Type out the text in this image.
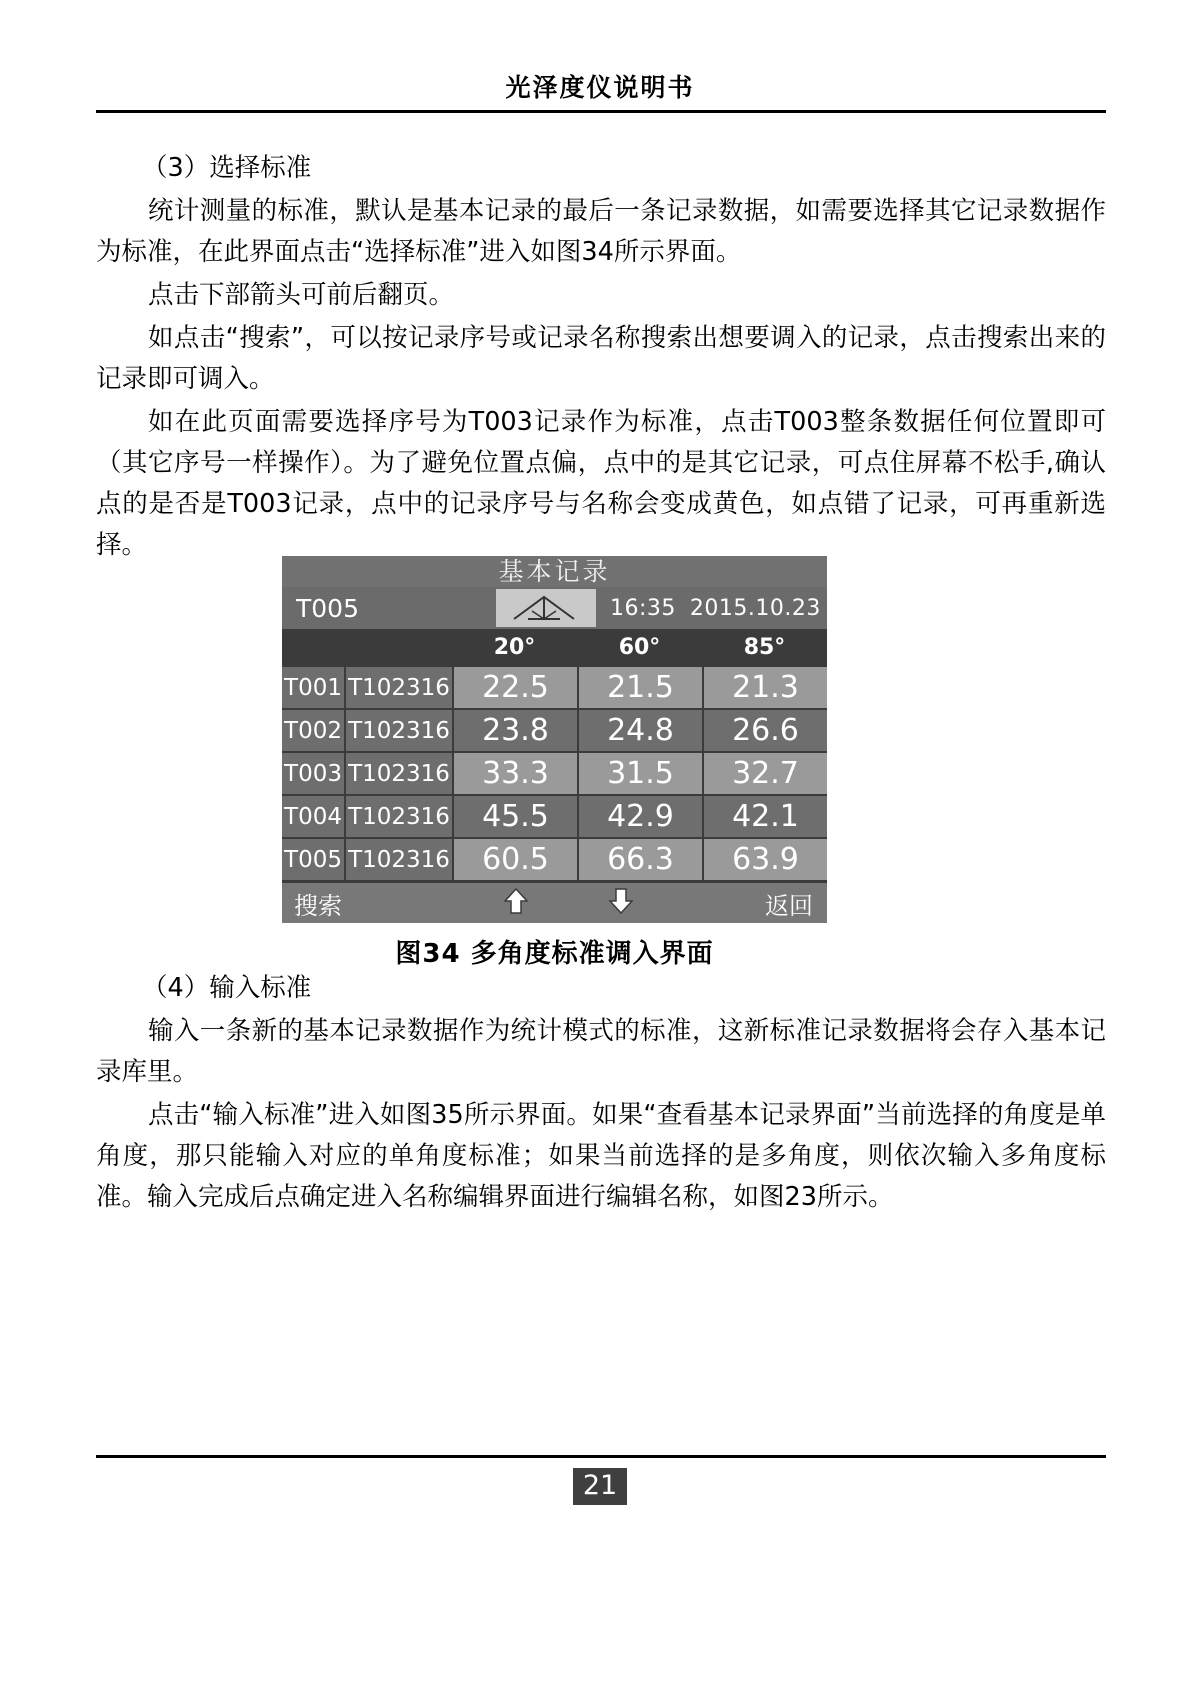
光泽度仪说明书

（3）选择标准

统计测量的标准，默认是基本记录的最后一条记录数据，如需要选择其它记录数据作为标准，在此界面点击“选择标准”进入如图34所示界面。

点击下部箭头可前后翻页。

如点击“搜索”，可以按记录序号或记录名称搜索出想要调入的记录，点击搜索出来的记录即可调入。

如在此页面需要选择序号为T003记录作为标准，点击T003整条数据任何位置即可（其它序号一样操作）。为了避免位置点偏，点中的是其它记录，可点住屏幕不松手,确认点的是否是T003记录，点中的记录序号与名称会变成黄色，如点错了记录，可再重新选择。

基本记录
T005	16:35 2015.10.23
20°	60°	85°
T001 T102316	22.5	21.5	21.3
T002 T102316	23.8	24.8	26.6
T003 T102316	33.3	31.5	32.7
T004 T102316	45.5	42.9	42.1
T005 T102316	60.5	66.3	63.9
搜索	返回
图34 多角度标准调入界面

（4）输入标准

输入一条新的基本记录数据作为统计模式的标准，这新标准记录数据将会存入基本记录库里。

点击“输入标准”进入如图35所示界面。如果“查看基本记录界面”当前选择的角度是单角度，那只能输入对应的单角度标准；如果当前选择的是多角度，则依次输入多角度标准。输入完成后点确定进入名称编辑界面进行编辑名称，如图23所示。

21
